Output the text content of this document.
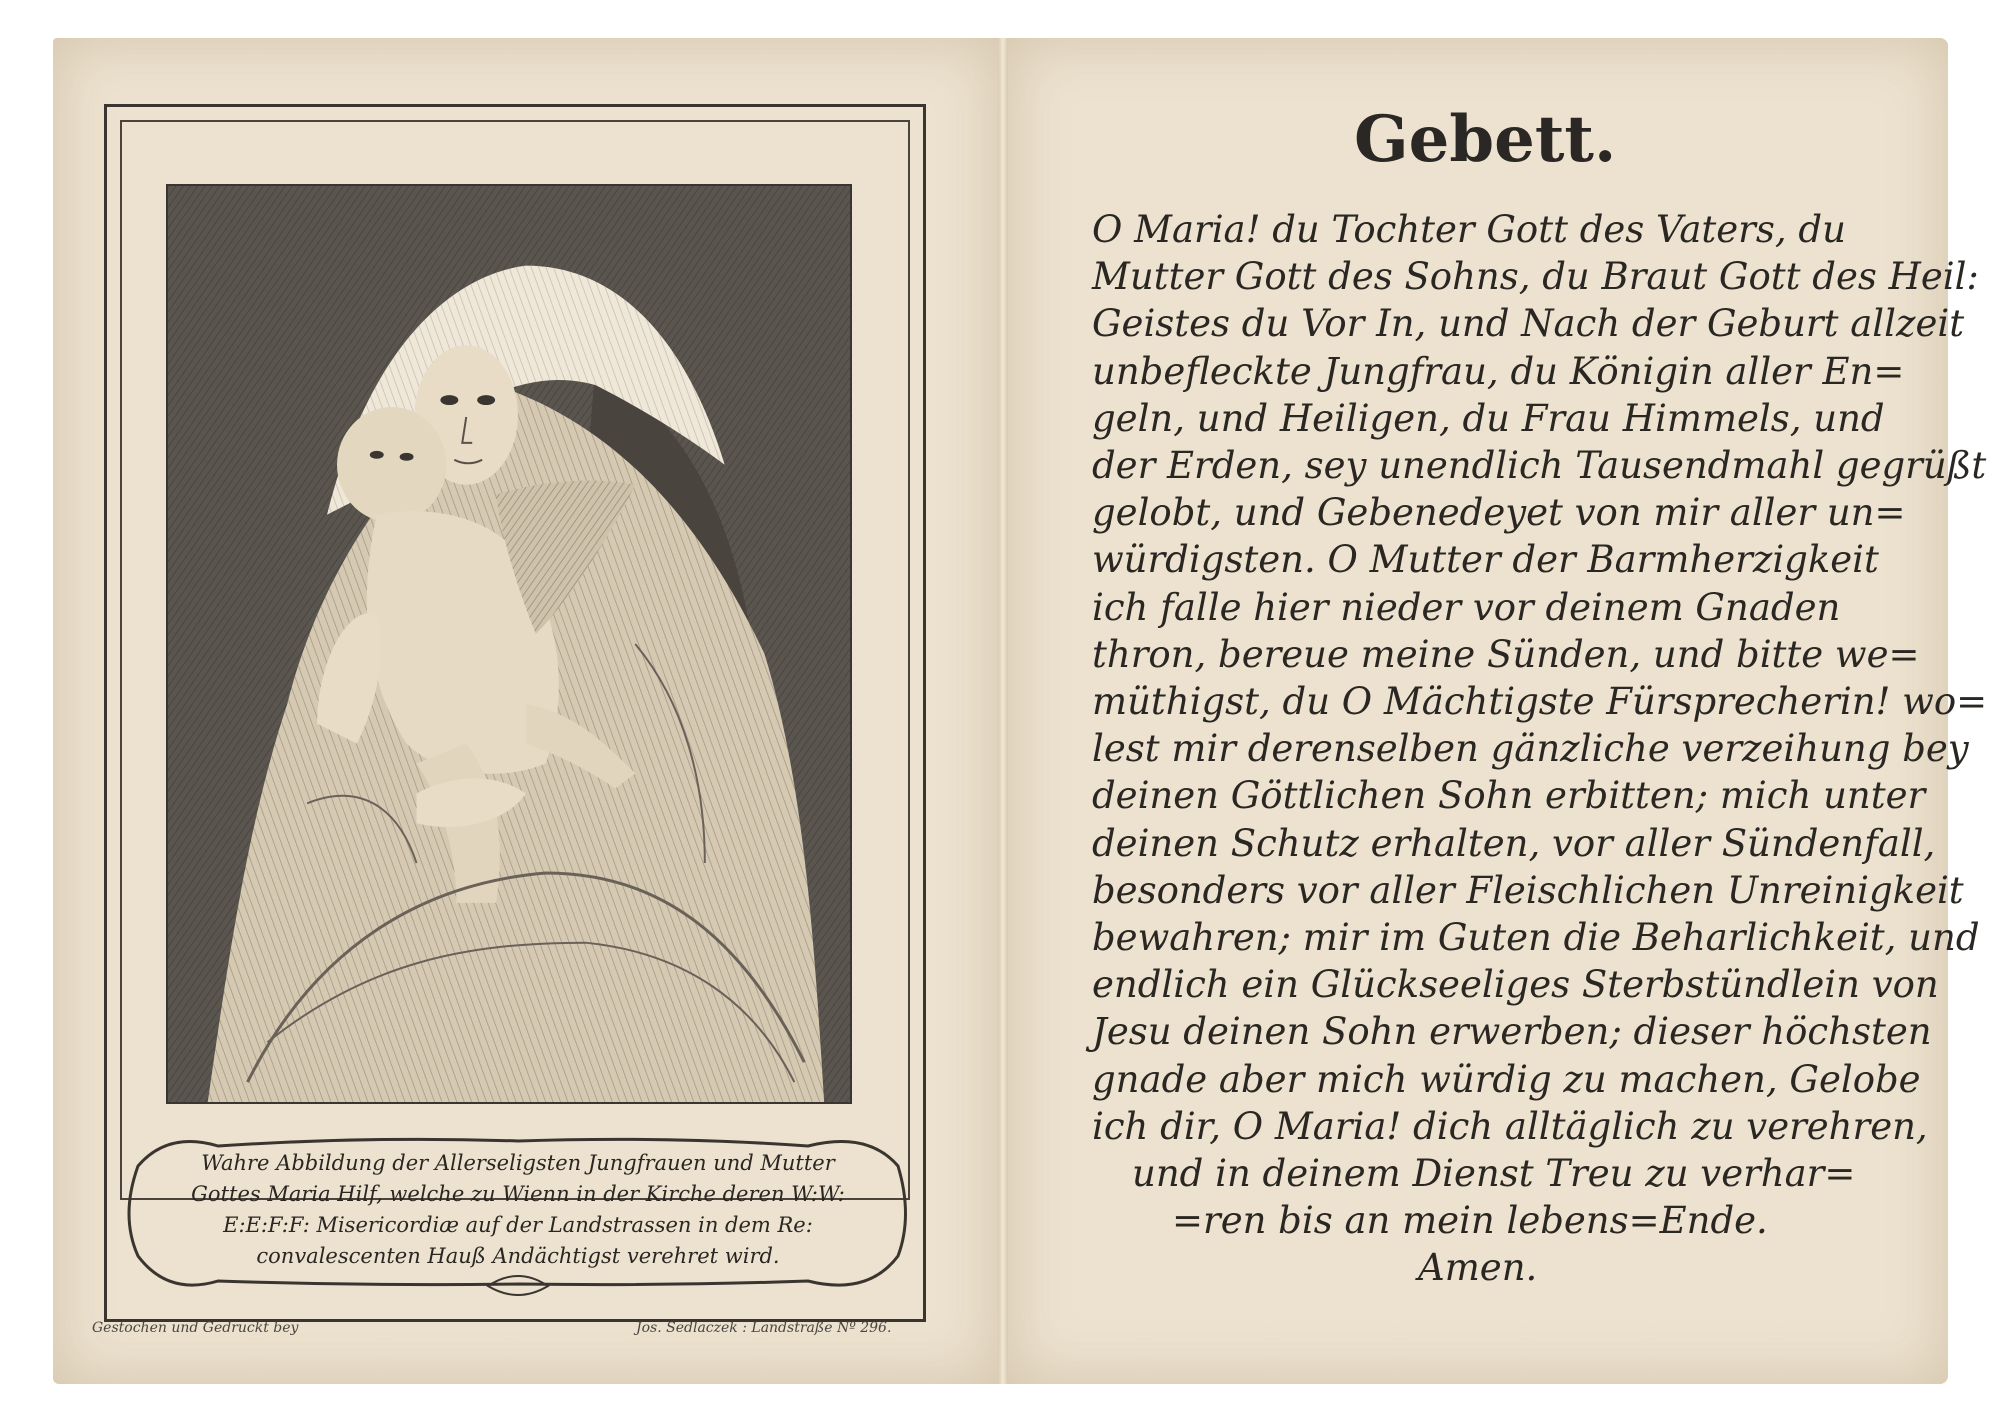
Wahre Abbildung der Allerseligsten Jungfrauen und Mutter
Gottes Maria Hilf, welche zu Wienn in der Kirche deren W:W:
E:E:F:F: Misericordiæ auf der Landstrassen in dem Re:
convalescenten Hauß Andächtigst verehret wird.
Gestochen und Gedruckt bey	Jos. Sedlaczek : Landstraße Nº 296.
Gebett.
O Maria! du Tochter Gott des Vaters, du
Mutter Gott des Sohns, du Braut Gott des Heil:
Geistes du Vor In, und Nach der Geburt allzeit
unbefleckte Jungfrau, du Königin aller En=
geln, und Heiligen, du Frau Himmels, und
der Erden, sey unendlich Tausendmahl gegrüßt
gelobt, und Gebenedeyet von mir aller un=
würdigsten. O Mutter der Barmherzigkeit
ich falle hier nieder vor deinem Gnaden
thron, bereue meine Sünden, und bitte we=
müthigst, du O Mächtigste Fürsprecherin! wo=
lest mir derenselben gänzliche verzeihung bey
deinen Göttlichen Sohn erbitten; mich unter
deinen Schutz erhalten, vor aller Sündenfall,
besonders vor aller Fleischlichen Unreinigkeit
bewahren; mir im Guten die Beharlichkeit, und
endlich ein Glückseeliges Sterbstündlein von
Jesu deinen Sohn erwerben; dieser höchsten
gnade aber mich würdig zu machen, Gelobe
ich dir, O Maria! dich alltäglich zu verehren,
und in deinem Dienst Treu zu verhar=
=ren bis an mein lebens=Ende.
Amen.
